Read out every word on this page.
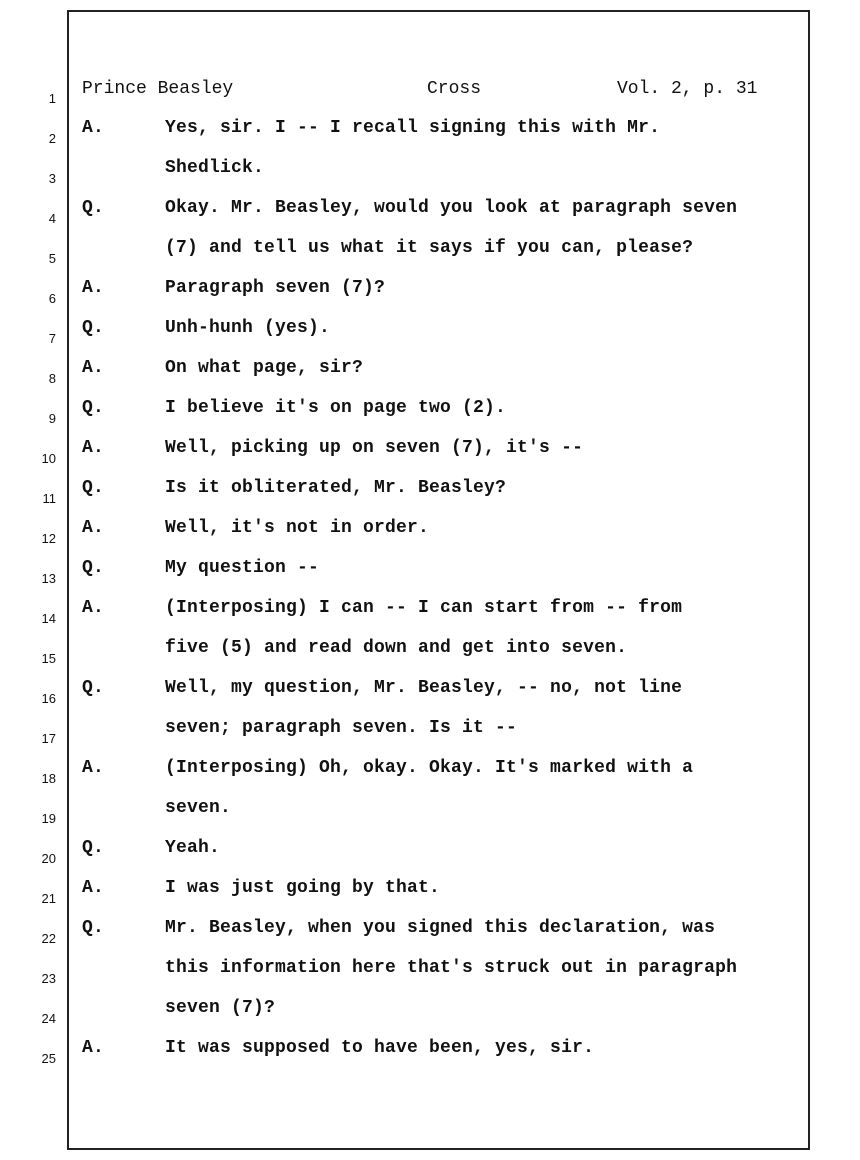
Prince Beasley	Cross	Vol. 2, p. 31
1
2
A.	Yes, sir. I -- I recall signing this with Mr.
3
Shedlick.
4
Q.	Okay. Mr. Beasley, would you look at paragraph seven
5
(7) and tell us what it says if you can, please?
6
A.	Paragraph seven (7)?
7
Q.	Unh-hunh (yes).
8
A.	On what page, sir?
9
Q.	I believe it's on page two (2).
10
A.	Well, picking up on seven (7), it's --
11
Q.	Is it obliterated, Mr. Beasley?
12
A.	Well, it's not in order.
13
Q.	My question --
14
A.	(Interposing) I can -- I can start from -- from
15
five (5) and read down and get into seven.
16
Q.	Well, my question, Mr. Beasley, -- no, not line
17
seven; paragraph seven. Is it --
18
A.	(Interposing) Oh, okay. Okay. It's marked with a
19
seven.
20
Q.	Yeah.
21
A.	I was just going by that.
22
Q.	Mr. Beasley, when you signed this declaration, was
23
this information here that's struck out in paragraph
24
seven (7)?
25
A.	It was supposed to have been, yes, sir.
